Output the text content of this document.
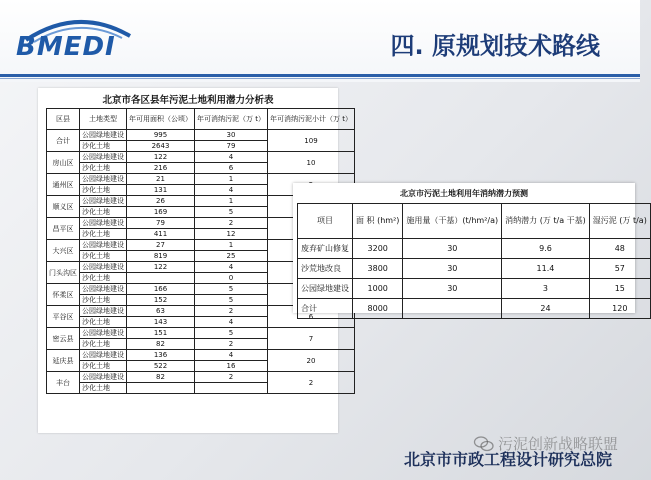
BMEDI	四. 原规划技术路线
北京市各区县年污泥土地利用潜力分析表
区县	土地类型	年可用面积（公顷）	年可消纳污泥（万 t）	年可消纳污泥小计（万 t）
合计	公园绿地建设	995	30	109
	沙化土地	2643	79	
房山区	公园绿地建设	122	4	10
	沙化土地	216	6	
通州区	公园绿地建设	21	1	
	沙化土地	131	4	
顺义区	公园绿地建设	26	1	
	沙化土地	169	5	
昌平区	公园绿地建设	79	2	
	沙化土地	411	12	
大兴区	公园绿地建设	27	1	
	沙化土地	819	25	
门头沟区	公园绿地建设	122	4	
	沙化土地		0	
怀柔区	公园绿地建设	166	5	
	沙化土地	152	5	
平谷区	公园绿地建设	63	2	6
	沙化土地	143	4	
密云县	公园绿地建设	151	5	7
	沙化土地	82	2	
延庆县	公园绿地建设	136	4	20
	沙化土地	522	16	
丰台	公园绿地建设	82	2	2
	沙化土地			
北京市污泥土地利用年消纳潜力预测
项目	面 积 (hm²)	施用量（干基）(t/hm²/a)	消纳潜力 (万 t/a 干基)	湿污泥 (万 t/a)
废弃矿山修复	3200	30	9.6	48
沙荒地改良	3800	30	11.4	57
公园绿地建设	1000	30	3	15
合计	8000		24	120
污泥创新战略联盟
北京市市政工程设计研究总院
